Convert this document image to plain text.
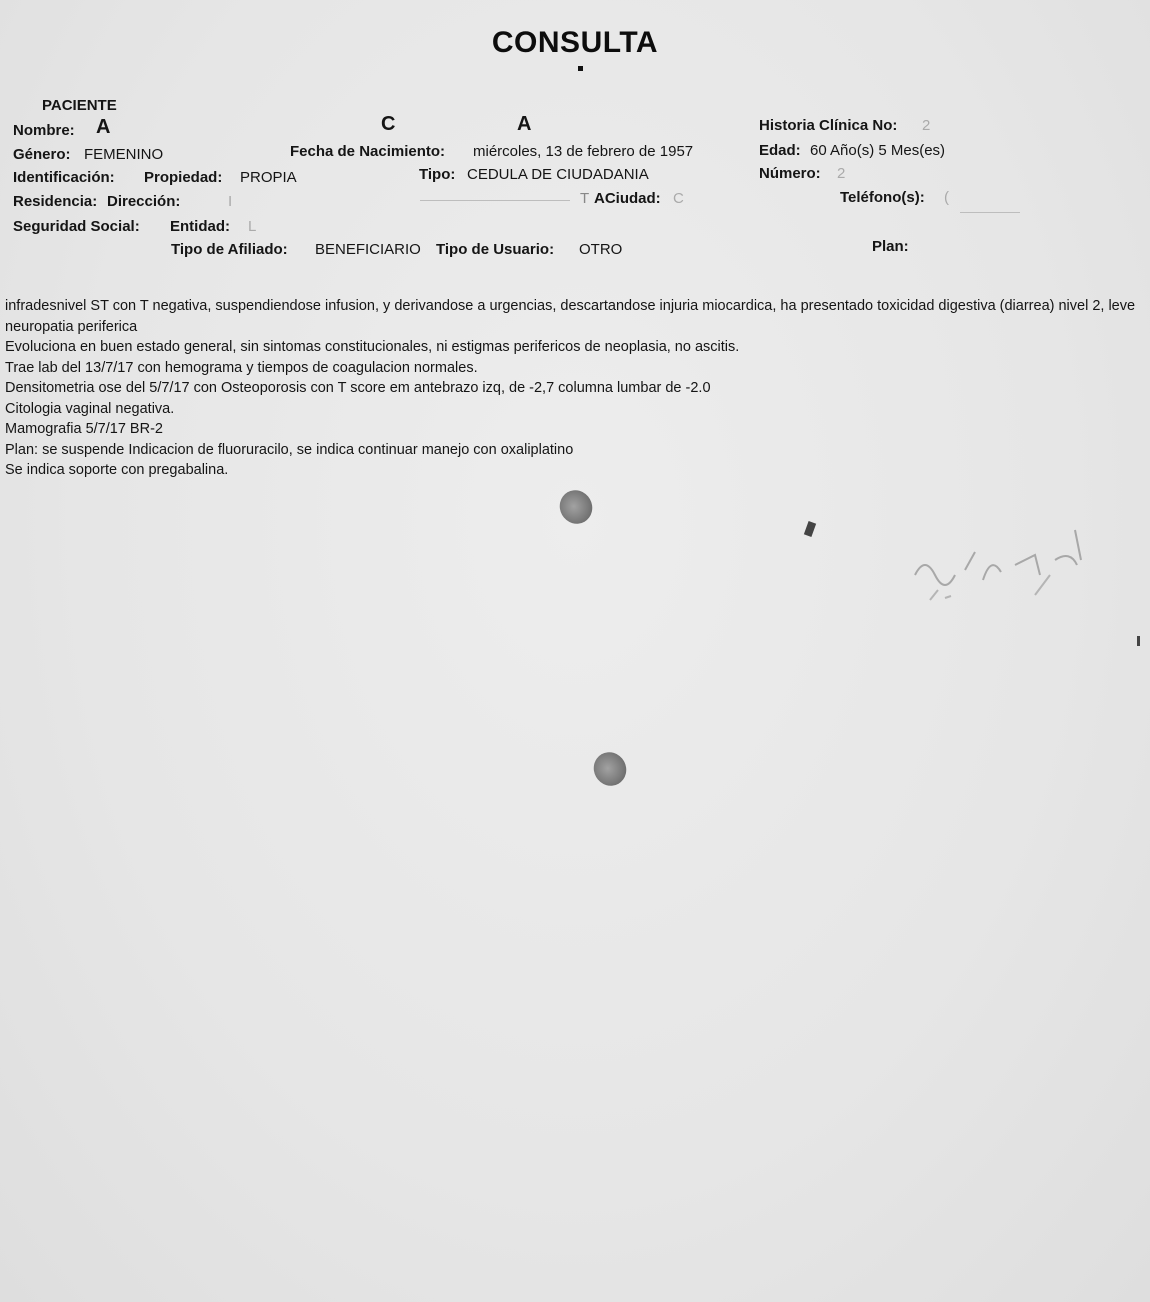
CONSULTA
PACIENTE
Nombre: A	C	A	Historia Clínica No: 2
Género: FEMENINO	Fecha de Nacimiento: miércoles, 13 de febrero de 1957	Edad: 60 Año(s) 5 Mes(es)
Identificación: Propiedad: PROPIA	Tipo: CEDULA DE CIUDADANIA	Número: 2
Residencia: Dirección:	I	T ACiudad: C	Teléfono(s): (
Seguridad Social: Entidad: L
Tipo de Afiliado: BENEFICIARIO Tipo de Usuario: OTRO	Plan:

infradesnivel ST con T negativa, suspendiendose infusion, y derivandose a urgencias, descartandose injuria miocardica, ha presentado toxicidad digestiva (diarrea) nivel 2, leve neuropatia periferica

Evoluciona en buen estado general, sin sintomas constitucionales, ni estigmas perifericos de neoplasia, no ascitis.

Trae lab del 13/7/17 con hemograma y tiempos de coagulacion normales.

Densitometria ose del 5/7/17 con Osteoporosis con T score em antebrazo izq, de -2,7 columna lumbar de -2.0

Citologia vaginal negativa.

Mamografia 5/7/17 BR-2

Plan: se suspende Indicacion de fluoruracilo, se indica continuar manejo con oxaliplatino

Se indica soporte con pregabalina.
